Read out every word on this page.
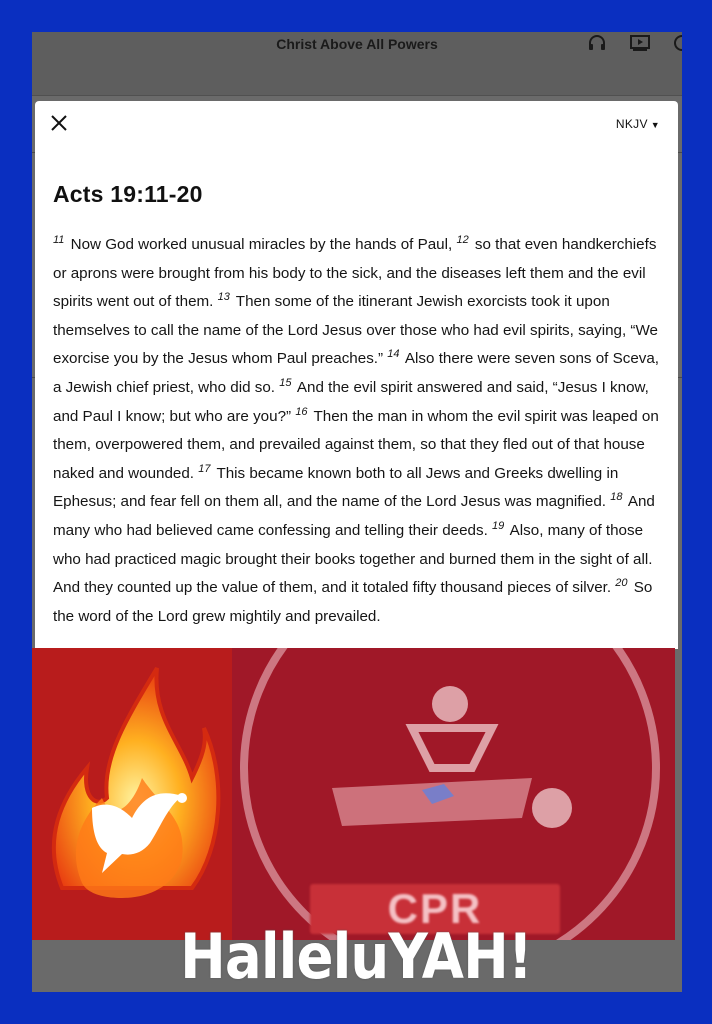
Christ Above All Powers
NKJV ▼
Acts 19:11-20
$^{11}$ Now God worked unusual miracles by the hands of Paul, $^{12}$ so that even handkerchiefs or aprons were brought from his body to the sick, and the diseases left them and the evil spirits went out of them. $^{13}$ Then some of the itinerant Jewish exorcists took it upon themselves to call the name of the Lord Jesus over those who had evil spirits, saying, “We exorcise you by the Jesus whom Paul preaches.” $^{14}$ Also there were seven sons of Sceva, a Jewish chief priest, who did so. $^{15}$ And the evil spirit answered and said, “Jesus I know, and Paul I know; but who are you?” $^{16}$ Then the man in whom the evil spirit was leaped on them, overpowered them, and prevailed against them, so that they fled out of that house naked and wounded. $^{17}$ This became known both to all Jews and Greeks dwelling in Ephesus; and fear fell on them all, and the name of the Lord Jesus was magnified. $^{18}$ And many who had believed came confessing and telling their deeds. $^{19}$ Also, many of those who had practiced magic brought their books together and burned them in the sight of all. And they counted up the value of them, and it totaled fifty thousand pieces of silver. $^{20}$ So the word of the Lord grew mightily and prevailed.
CPR
HalleluYAH!
